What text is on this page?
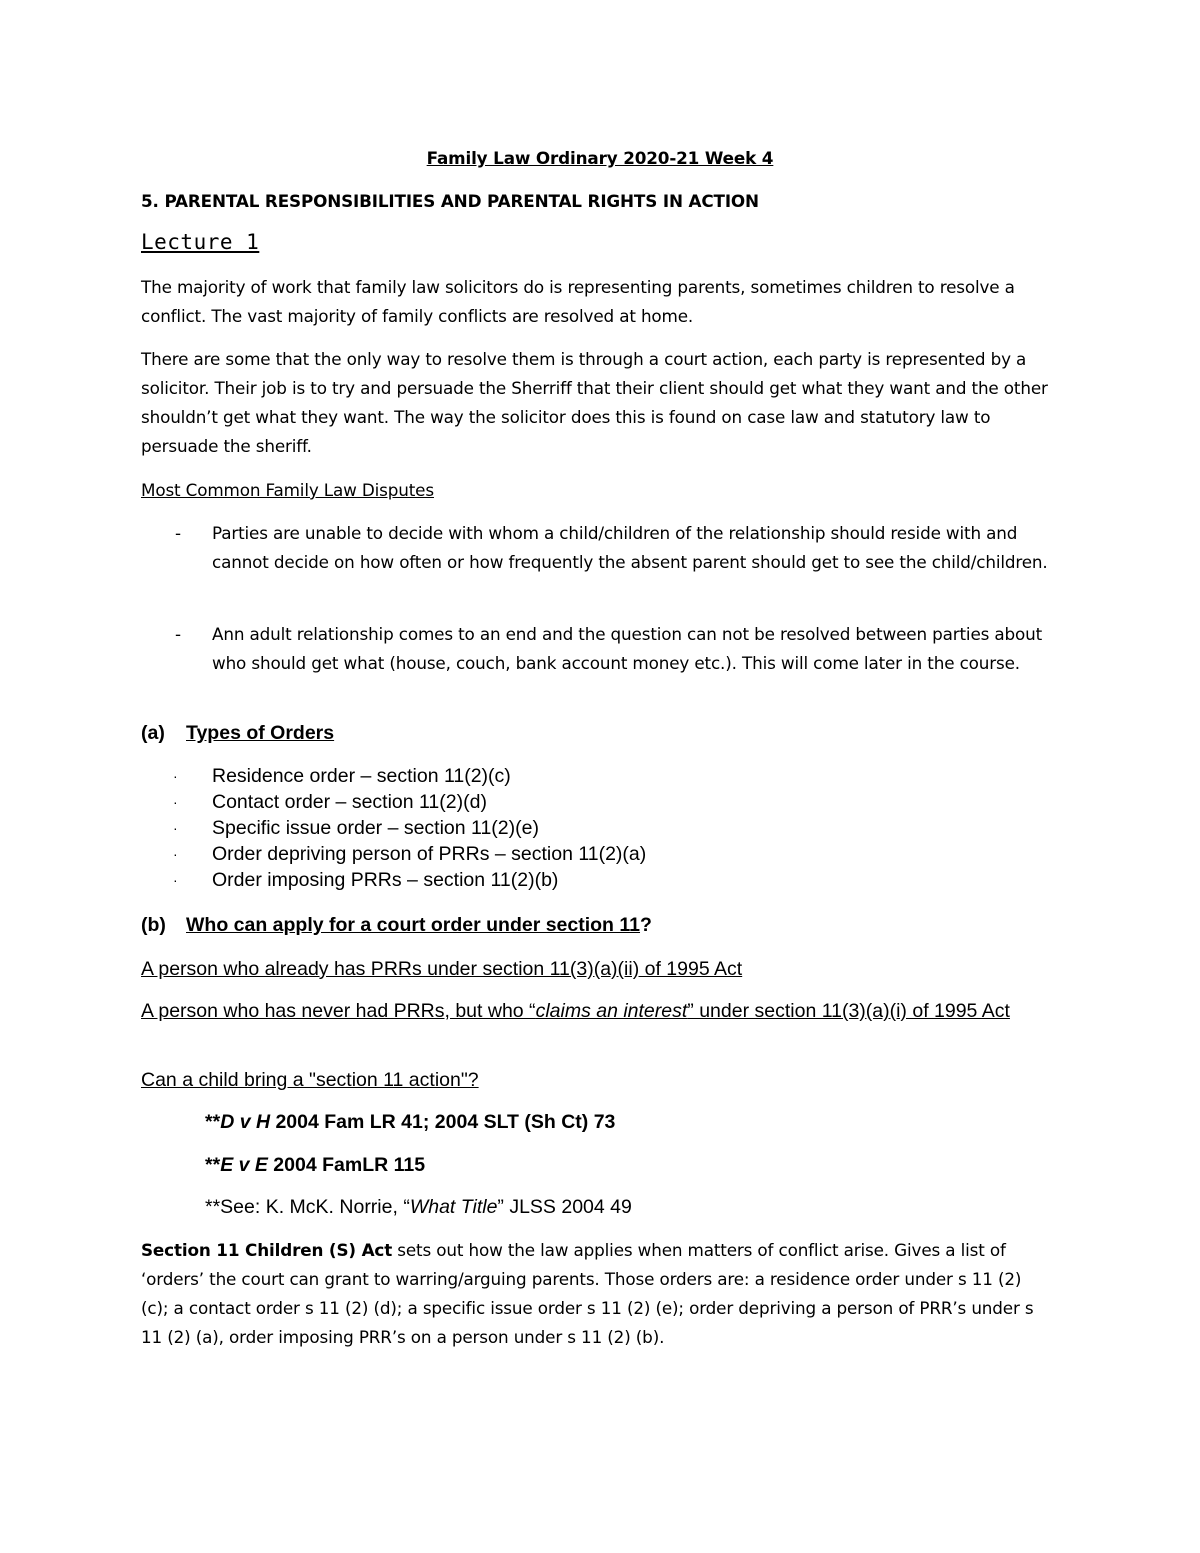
Family Law Ordinary 2020-21 Week 4

5. PARENTAL RESPONSIBILITIES AND PARENTAL RIGHTS IN ACTION

Lecture 1

The majority of work that family law solicitors do is representing parents, sometimes children to resolve a conflict. The vast majority of family conflicts are resolved at home.

There are some that the only way to resolve them is through a court action, each party is represented by a solicitor. Their job is to try and persuade the Sherriff that their client should get what they want and the other shouldn’t get what they want. The way the solicitor does this is found on case law and statutory law to persuade the sheriff.

Most Common Family Law Disputes

- Parties are unable to decide with whom a child/children of the relationship should reside with and cannot decide on how often or how frequently the absent parent should get to see the child/children.

- Ann adult relationship comes to an end and the question can not be resolved between parties about who should get what (house, couch, bank account money etc.). This will come later in the course.

(a) Types of Orders

· Residence order – section 11(2)(c)
· Contact order – section 11(2)(d)
· Specific issue order – section 11(2)(e)
· Order depriving person of PRRs – section 11(2)(a)
· Order imposing PRRs – section 11(2)(b)

(b) Who can apply for a court order under section 11?

A person who already has PRRs under section 11(3)(a)(ii) of 1995 Act

A person who has never had PRRs, but who “claims an interest” under section 11(3)(a)(i) of 1995 Act

Can a child bring a "section 11 action"?

**D v H 2004 Fam LR 41; 2004 SLT (Sh Ct) 73

**E v E 2004 FamLR 115

**See: K. McK. Norrie, “What Title” JLSS 2004 49

Section 11 Children (S) Act sets out how the law applies when matters of conflict arise. Gives a list of ‘orders’ the court can grant to warring/arguing parents. Those orders are: a residence order under s 11 (2) (c); a contact order s 11 (2) (d); a specific issue order s 11 (2) (e); order depriving a person of PRR’s under s 11 (2) (a), order imposing PRR’s on a person under s 11 (2) (b).
